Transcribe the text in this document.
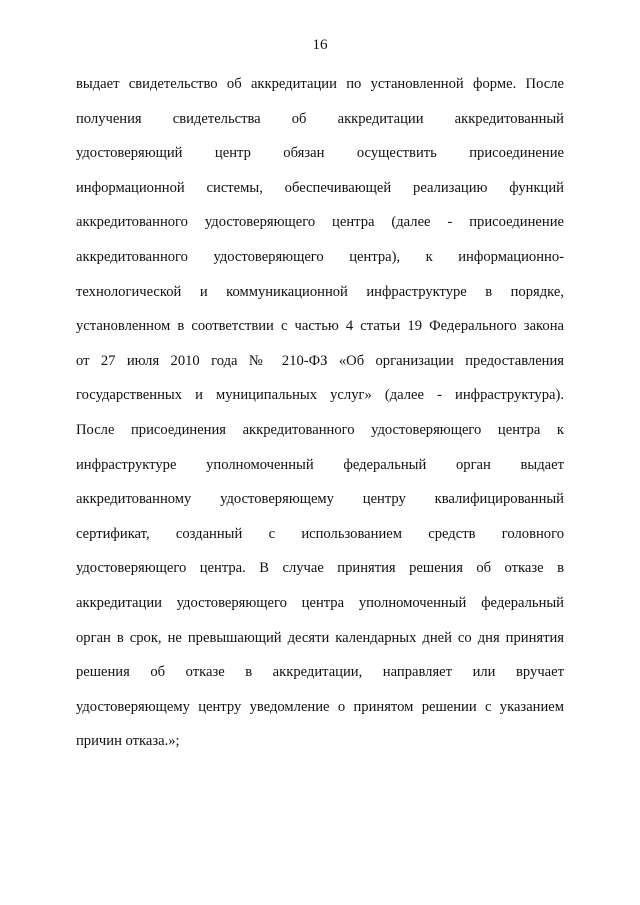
16
выдает свидетельство об аккредитации по установленной форме. После
получения свидетельства об аккредитации аккредитованный
удостоверяющий центр обязан осуществить присоединение
информационной системы, обеспечивающей реализацию функций
аккредитованного удостоверяющего центра (далее - присоединение
аккредитованного удостоверяющего центра), к информационно-
технологической и коммуникационной инфраструктуре в порядке,
установленном в соответствии с частью 4 статьи 19 Федерального закона
от 27 июля 2010 года № 210-ФЗ «Об организации предоставления
государственных и муниципальных услуг» (далее - инфраструктура).
После присоединения аккредитованного удостоверяющего центра к
инфраструктуре уполномоченный федеральный орган выдает
аккредитованному удостоверяющему центру квалифицированный
сертификат, созданный с использованием средств головного
удостоверяющего центра. В случае принятия решения об отказе в
аккредитации удостоверяющего центра уполномоченный федеральный
орган в срок, не превышающий десяти календарных дней со дня принятия
решения об отказе в аккредитации, направляет или вручает
удостоверяющему центру уведомление о принятом решении с указанием
причин отказа.»;
